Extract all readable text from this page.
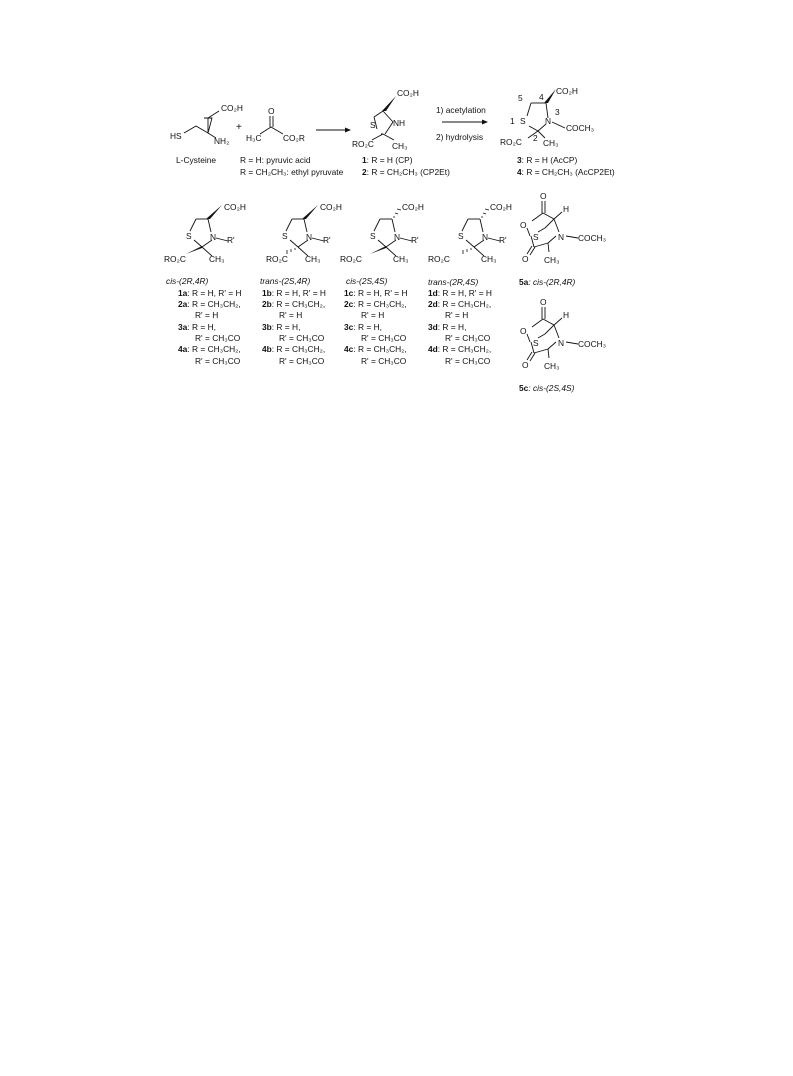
CO₂H
HS	NH₂
L-Cysteine
+
O
H₃C	CO₂R
R = H: pyruvic acid
R = CH₂CH₃: ethyl pyruvate
CO₂H
S NH
RO₂C CH₃
1: R = H (CP)
2: R = CH₂CH₃ (CP2Et)
1) acetylation
2) hydrolysis
CO₂H
5 4
3
1 S N
COCH₃
RO₂C 2 CH₃
3: R = H (AcCP)
4: R = CH₂CH₃ (AcCP2Et)
CO₂H
S N R'
RO₂C	CH₃
CO₂H
S N R'
RO₂C CH₃
CO₂H
S N R'
RO₂C	CH₃
CO₂H
S N R'
RO₂C	CH₃
cis-(2R,4R)
1a: R = H, R' = H
2a: R = CH₃CH₂,
R' = H
3a: R = H,
R' = CH₃CO
4a: R = CH₃CH₂,
R' = CH₃CO
trans-(2S,4R)
1b: R = H, R' = H
2b: R = CH₃CH₂,
R' = H
3b: R = H,
R' = CH₃CO
4b: R = CH₃CH₂,
R' = CH₃CO
cis-(2S,4S)
1c: R = H, R' = H
2c: R = CH₃CH₂,
R' = H
3c: R = H,
R' = CH₃CO
4c: R = CH₃CH₂,
R' = CH₃CO
trans-(2R,4S)
1d: R = H, R' = H
2d: R = CH₃CH₂,
R' = H
3d: R = H,
R' = CH₃CO
4d: R = CH₃CH₂,
R' = CH₃CO
O
H
O
S N COCH₃
O CH₃
5a: cis-(2R,4R)
O
H
O
S N COCH₃
O CH₃
5c: cis-(2S,4S)
